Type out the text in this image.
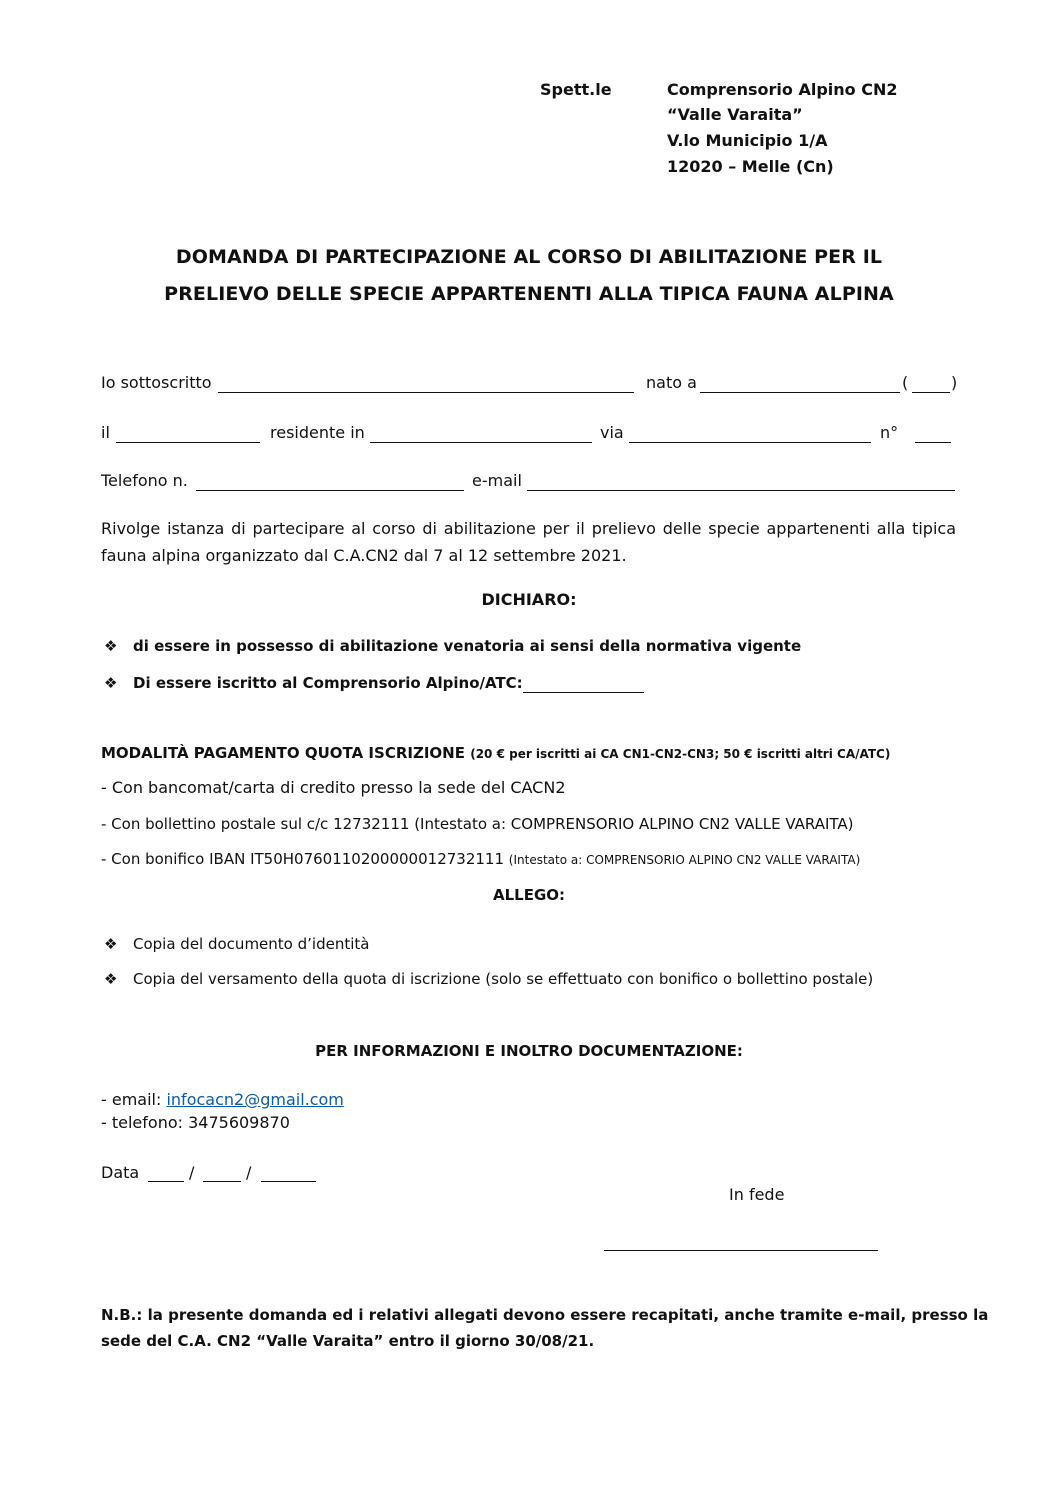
Spett.le	Comprensorio Alpino CN2
“Valle Varaita”
V.lo Municipio 1/A
12020 – Melle (Cn)
DOMANDA DI PARTECIPAZIONE AL CORSO DI ABILITAZIONE PER IL
PRELIEVO DELLE SPECIE APPARTENENTI ALLA TIPICA FAUNA ALPINA
Io sottoscritto	nato a	(	)
il	residente in	via	n°
Telefono n.	e-mail
Rivolge istanza di partecipare al corso di abilitazione per il prelievo delle specie appartenenti alla tipica fauna alpina organizzato dal C.A.CN2 dal 7 al 12 settembre 2021.
DICHIARO:
❖ di essere in possesso di abilitazione venatoria ai sensi della normativa vigente
❖ Di essere iscritto al Comprensorio Alpino/ATC:
MODALITÀ PAGAMENTO QUOTA ISCRIZIONE (20 € per iscritti ai CA CN1-CN2-CN3; 50 € iscritti altri CA/ATC)
- Con bancomat/carta di credito presso la sede del CACN2
- Con bollettino postale sul c/c 12732111 (Intestato a: COMPRENSORIO ALPINO CN2 VALLE VARAITA)
- Con bonifico IBAN IT50H0760110200000012732111 (Intestato a: COMPRENSORIO ALPINO CN2 VALLE VARAITA)
ALLEGO:
❖ Copia del documento d’identità
❖ Copia del versamento della quota di iscrizione (solo se effettuato con bonifico o bollettino postale)
PER INFORMAZIONI E INOLTRO DOCUMENTAZIONE:
- email: infocacn2@gmail.com
- telefono: 3475609870
Data	/	/
In fede
N.B.: la presente domanda ed i relativi allegati devono essere recapitati, anche tramite e-mail, presso la
sede del C.A. CN2 “Valle Varaita” entro il giorno 30/08/21.
